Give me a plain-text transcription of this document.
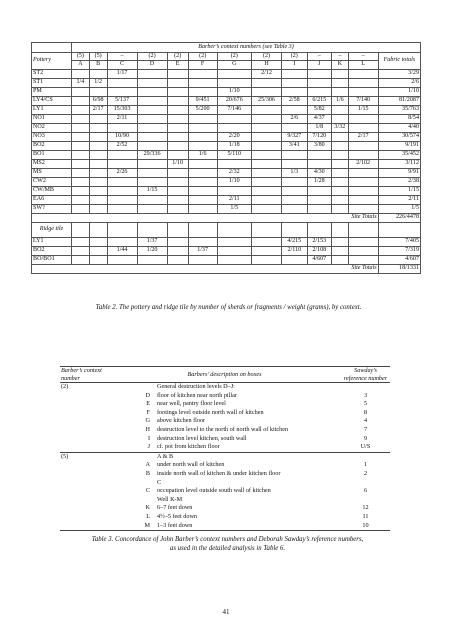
	Barber’s context numbers (see Table 3)												
Pottery	(5)	(5)	–	(2)	(2)	(2)	(2)	(2)	(2)	–	–	–	Fabric totals
	A	B	C	D	E	F	G	H	I	J	K	L	
ST2			1/17					2/12					3/29
ST1	1/4	1/2											2/6
PM							1/10						1/10
LY4/CS		6/98	5/137			9/451	20/676	25/306	2/58	6/215	1/6	7/140	81/2087
LY1		2/17	15/303			5/200	7/146			5/82		1/15	35/763
NO1			2/11						2/6	4/37			8/54
NO2										1/8	3/32		4/40
NO3			10/90				2/20		9/327	7/120		2/17	30/574
BO2			2/52				1/18		3/41	3/80			9/191
BO1				29/336		1/6	5/110						35/452
MS2					1/10							2/102	3/112
MS			2/26				2/32		1/3	4/30			9/91
CW2							1/10			1/28			2/38
CW/MB				1/15									1/15
EA6							2/11						2/11
SW?							1/5						1/5
Site Totals													226/4478
Ridge tile													
LY1				1/37					4/215	2/153			7/405
BO2			1/44	1/20		1/37			2/110	2/108			7/319
BO/BO1										4/607			4/607
Site Totals													18/1331
Table 2. The pottery and ridge tile by number of sherds or fragments / weight (grams), by context.
Barber’s context number	Barbers’ description on boxes		Sawday’s reference number
(2)		General destruction levels D–J:	
	D	floor of kitchen near north pillar	3
	E	near well, pantry floor level	5
	F	footings level outside north wall of kitchen	8
	G	above kitchen floor	4
	H	destruction level to the north of north wall of kitchen	7
	I	destruction level kitchen, south wall	9
	J	cf. pot from kitchen floor	U/S
(5)		A & B	
	A	under north wall of kitchen	1
	B	inside north wall of kitchen & under kitchen floor	2
		C	
	C	occupation level outside south wall of kitchen	6
		Well K-M	
	K	6–7 feet down	12
	L	4½–5 feet down	11
	M	1–3 feet down	10
Table 3. Concordance of John Barber’s context numbers and Deborah Sawday’s reference numbers,
as used in the detailed analysis in Table 6.
41
